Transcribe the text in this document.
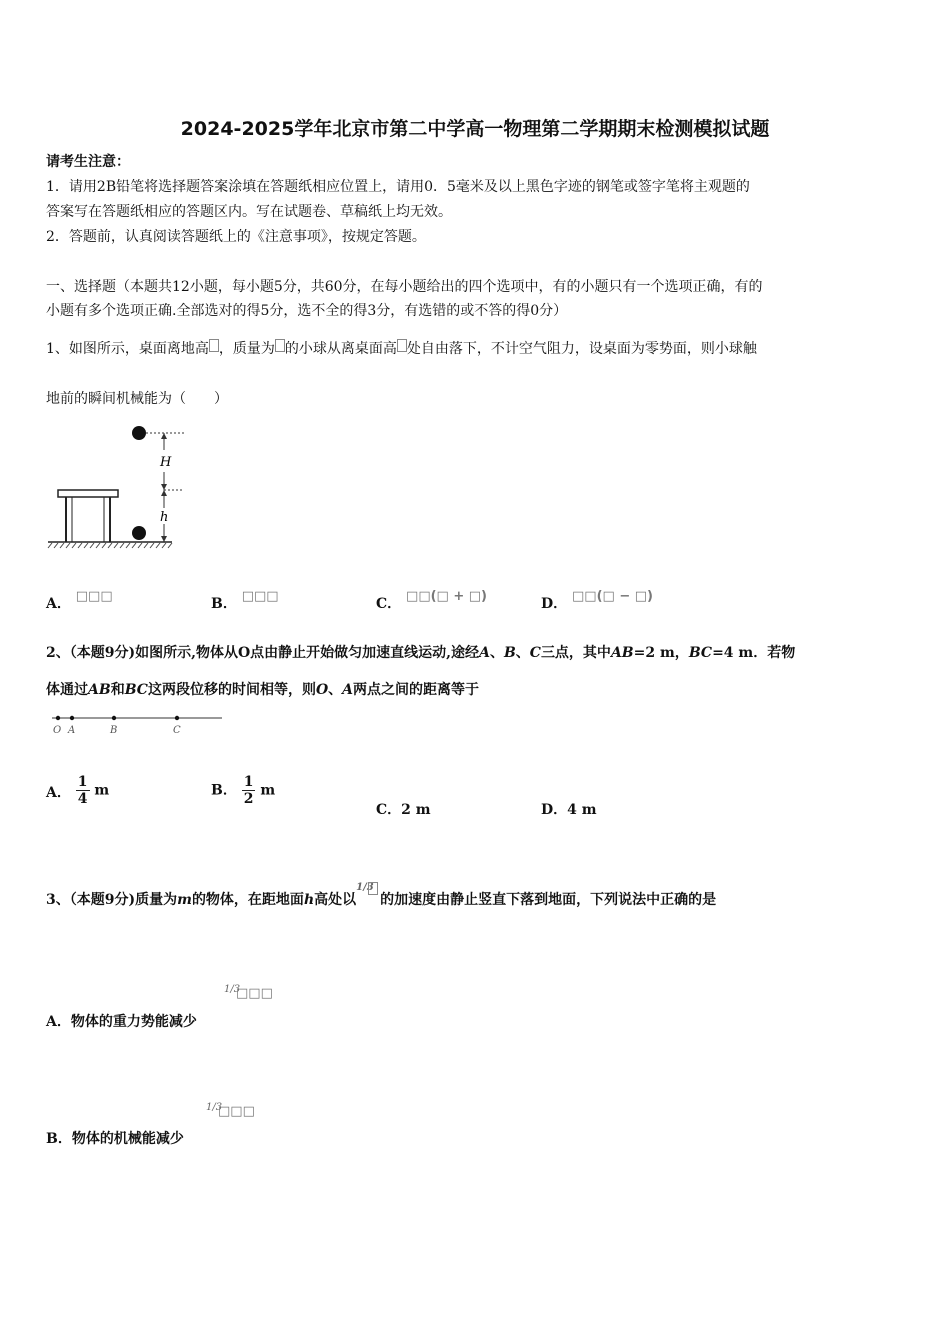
2024-2025学年北京市第二中学高一物理第二学期期末检测模拟试题
请考生注意：
1．请用2B铅笔将选择题答案涂填在答题纸相应位置上，请用0．5毫米及以上黑色字迹的钢笔或签字笔将主观题的
答案写在答题纸相应的答题区内。写在试题卷、草稿纸上均无效。
2．答题前，认真阅读答题纸上的《注意事项》，按规定答题。
一、选择题（本题共12小题，每小题5分，共60分，在每小题给出的四个选项中，有的小题只有一个选项正确，有的
小题有多个选项正确.全部选对的得5分，选不全的得3分，有选错的或不答的得0分）
1、如图所示，桌面离地高 ，质量为 的小球从离桌面高 处自由落下，不计空气阻力，设桌面为零势面，则小球触
地前的瞬间机械能为（　　）
H
h
A． □□□	B． □□□	C． □□(□ + □)	D． □□(□ − □)
2、（本题9分)如图所示,物体从O点由静止开始做匀加速直线运动,途经A、B、C三点，其中AB=2 m，BC=4 m．若物
体通过AB和BC这两段位移的时间相等，则O、A两点之间的距离等于
O A	B	C
A． $\frac{1}{4}$ m	B． $\frac{1}{2}$ m
C．2 m	D．4 m
3、（本题9分)质量为m的物体，在距地面h高处以
1/3
的加速度由静止竖直下落到地面，下列说法中正确的是
A．物体的重力势能减少
1/3
□□□
B．物体的机械能减少
1/3
□□□
